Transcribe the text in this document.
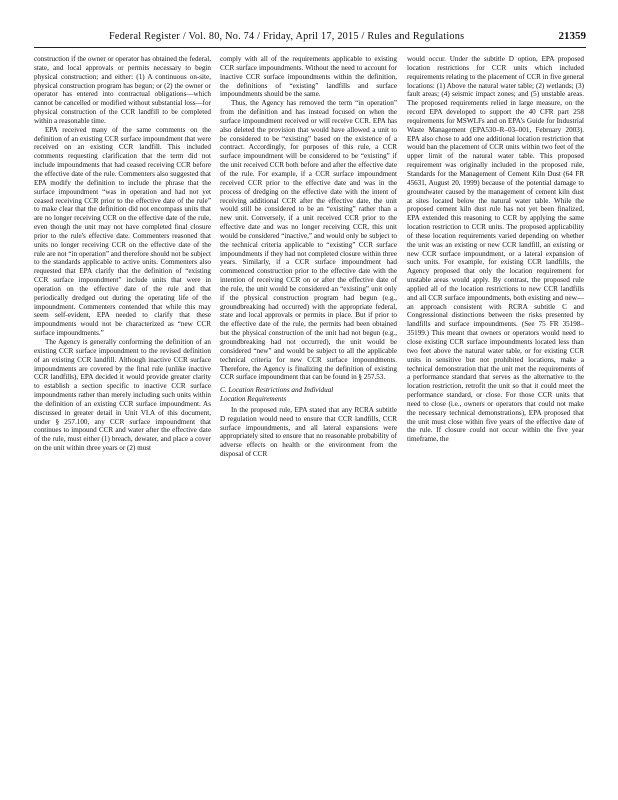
Federal Register / Vol. 80, No. 74 / Friday, April 17, 2015 / Rules and Regulations	21359

construction if the owner or operator has obtained the federal, state, and local approvals or permits necessary to begin physical construction; and either: (1) A continuous on-site, physical construction program has begun; or (2) the owner or operator has entered into contractual obligations—which cannot be cancelled or modified without substantial loss—for physical construction of the CCR landfill to be completed within a reasonable time.

EPA received many of the same comments on the definition of an existing CCR surface impoundment that were received on an existing CCR landfill. This included comments requesting clarification that the term did not include impoundments that had ceased receiving CCR before the effective date of the rule. Commenters also suggested that EPA modify the definition to include the phrase that the surface impoundment “was in operation and had not yet ceased receiving CCR prior to the effective date of the rule” to make clear that the definition did not encompass units that are no longer receiving CCR on the effective date of the rule, even though the unit may not have completed final closure prior to the rule's effective date. Commenters reasoned that units no longer receiving CCR on the effective date of the rule are not “in operation” and therefore should not be subject to the standards applicable to active units. Commenters also requested that EPA clarify that the definition of “existing CCR surface impoundment” include units that were in operation on the effective date of the rule and that periodically dredged out during the operating life of the impoundment. Commenters contended that while this may seem self-evident, EPA needed to clarify that these impoundments would not be characterized as “new CCR surface impoundments.”

The Agency is generally conforming the definition of an existing CCR surface impoundment to the revised definition of an existing CCR landfill. Although inactive CCR surface impoundments are covered by the final rule (unlike inactive CCR landfills), EPA decided it would provide greater clarity to establish a section specific to inactive CCR surface impoundments rather than merely including such units within the definition of an existing CCR surface impoundment. As discussed in greater detail in Unit VI.A of this document, under § 257.100, any CCR surface impoundment that continues to impound CCR and water after the effective date of the rule, must either (1) breach, dewater, and place a cover on the unit within three years or (2) must

comply with all of the requirements applicable to existing CCR surface impoundments. Without the need to account for inactive CCR surface impoundments within the definition, the definitions of “existing” landfills and surface impoundments should be the same.

Thus, the Agency has removed the term “in operation” from the definition and has instead focused on when the surface impoundment received or will receive CCR. EPA has also deleted the provision that would have allowed a unit to be considered to be “existing” based on the existence of a contract. Accordingly, for purposes of this rule, a CCR surface impoundment will be considered to be “existing” if the unit received CCR both before and after the effective date of the rule. For example, if a CCR surface impoundment received CCR prior to the effective date and was in the process of dredging on the effective date with the intent of receiving additional CCR after the effective date, the unit would still be considered to be an “existing” rather than a new unit. Conversely, if a unit received CCR prior to the effective date and was no longer receiving CCR, this unit would be considered “inactive,” and would only be subject to the technical criteria applicable to “existing” CCR surface impoundments if they had not completed closure within three years. Similarly, if a CCR surface impoundment had commenced construction prior to the effective date with the intention of receiving CCR on or after the effective date of the rule, the unit would be considered an “existing” unit only if the physical construction program had begun (e.g., groundbreaking had occurred) with the appropriate federal, state and local approvals or permits in place. But if prior to the effective date of the rule, the permits had been obtained but the physical construction of the unit had not begun (e.g., groundbreaking had not occurred), the unit would be considered “new” and would be subject to all the applicable technical criteria for new CCR surface impoundments. Therefore, the Agency is finalizing the definition of existing CCR surface impoundment that can be found in § 257.53.

C. Location Restrictions and Individual
Location Requirements

In the proposed rule, EPA stated that any RCRA subtitle D regulation would need to ensure that CCR landfills, CCR surface impoundments, and all lateral expansions were appropriately sited to ensure that no reasonable probability of adverse effects on health or the environment from the disposal of CCR

would occur. Under the subtitle D option, EPA proposed location restrictions for CCR units which included requirements relating to the placement of CCR in five general locations: (1) Above the natural water table; (2) wetlands; (3) fault areas; (4) seismic impact zones; and (5) unstable areas. The proposed requirements relied in large measure, on the record EPA developed to support the 40 CFR part 258 requirements for MSWLFs and on EPA's Guide for Industrial Waste Management (EPA530–R–03–001, February 2003). EPA also chose to add one additional location restriction that would ban the placement of CCR units within two feet of the upper limit of the natural water table. This proposed requirement was originally included in the proposed rule, Standards for the Management of Cement Kiln Dust (64 FR 45631, August 20, 1999) because of the potential damage to groundwater caused by the management of cement kiln dust at sites located below the natural water table. While the proposed cement kiln dust rule has not yet been finalized, EPA extended this reasoning to CCR by applying the same location restriction to CCR units. The proposed applicability of these location requirements varied depending on whether the unit was an existing or new CCR landfill, an existing or new CCR surface impoundment, or a lateral expansion of such units. For example, for existing CCR landfills, the Agency proposed that only the location requirement for unstable areas would apply. By contrast, the proposed rule applied all of the location restrictions to new CCR landfills and all CCR surface impoundments, both existing and new—an approach consistent with RCRA subtitle C and Congressional distinctions between the risks presented by landfills and surface impoundments. (See 75 FR 35198–35199.) This meant that owners or operators would need to close existing CCR surface impoundments located less than two feet above the natural water table, or for existing CCR units in sensitive but not prohibited locations, make a technical demonstration that the unit met the requirements of a performance standard that serves as the alternative to the location restriction, retrofit the unit so that it could meet the performance standard, or close. For those CCR units that need to close (i.e., owners or operators that could not make the necessary technical demonstrations), EPA proposed that the unit must close within five years of the effective date of the rule. If closure could not occur within the five year timeframe, the
